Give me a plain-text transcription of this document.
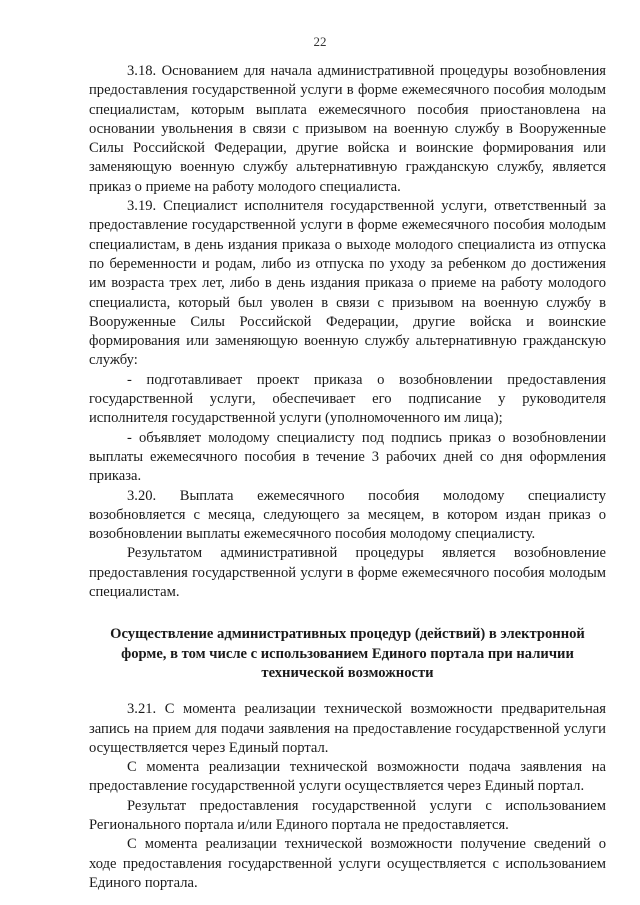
22

3.18. Основанием для начала административной процедуры возобновления предоставления государственной услуги в форме ежемесячного пособия молодым специалистам, которым выплата ежемесячного пособия приостановлена на основании увольнения в связи с призывом на военную службу в Вооруженные Силы Российской Федерации, другие войска и воинские формирования или заменяющую военную службу альтернативную гражданскую службу, является приказ о приеме на работу молодого специалиста.

3.19. Специалист исполнителя государственной услуги, ответственный за предоставление государственной услуги в форме ежемесячного пособия молодым специалистам, в день издания приказа о выходе молодого специалиста из отпуска по беременности и родам, либо из отпуска по уходу за ребенком до достижения им возраста трех лет, либо в день издания приказа о приеме на работу молодого специалиста, который был уволен в связи с призывом на военную службу в Вооруженные Силы Российской Федерации, другие войска и воинские формирования или заменяющую военную службу альтернативную гражданскую службу:

- подготавливает проект приказа о возобновлении предоставления государственной услуги, обеспечивает его подписание у руководителя исполнителя государственной услуги (уполномоченного им лица);

- объявляет молодому специалисту под подпись приказ о возобновлении выплаты ежемесячного пособия в течение 3 рабочих дней со дня оформления приказа.

3.20. Выплата ежемесячного пособия молодому специалисту возобновляется с месяца, следующего за месяцем, в котором издан приказ о возобновлении выплаты ежемесячного пособия молодому специалисту.

Результатом административной процедуры является возобновление предоставления государственной услуги в форме ежемесячного пособия молодым специалистам.

Осуществление административных процедур (действий) в электронной форме, в том числе с использованием Единого портала при наличии технической возможности

3.21. С момента реализации технической возможности предварительная запись на прием для подачи заявления на предоставление государственной услуги осуществляется через Единый портал.

С момента реализации технической возможности подача заявления на предоставление государственной услуги осуществляется через Единый портал.

Результат предоставления государственной услуги с использованием Регионального портала и/или Единого портала не предоставляется.

С момента реализации технической возможности получение сведений о ходе предоставления государственной услуги осуществляется с использованием Единого портала.
